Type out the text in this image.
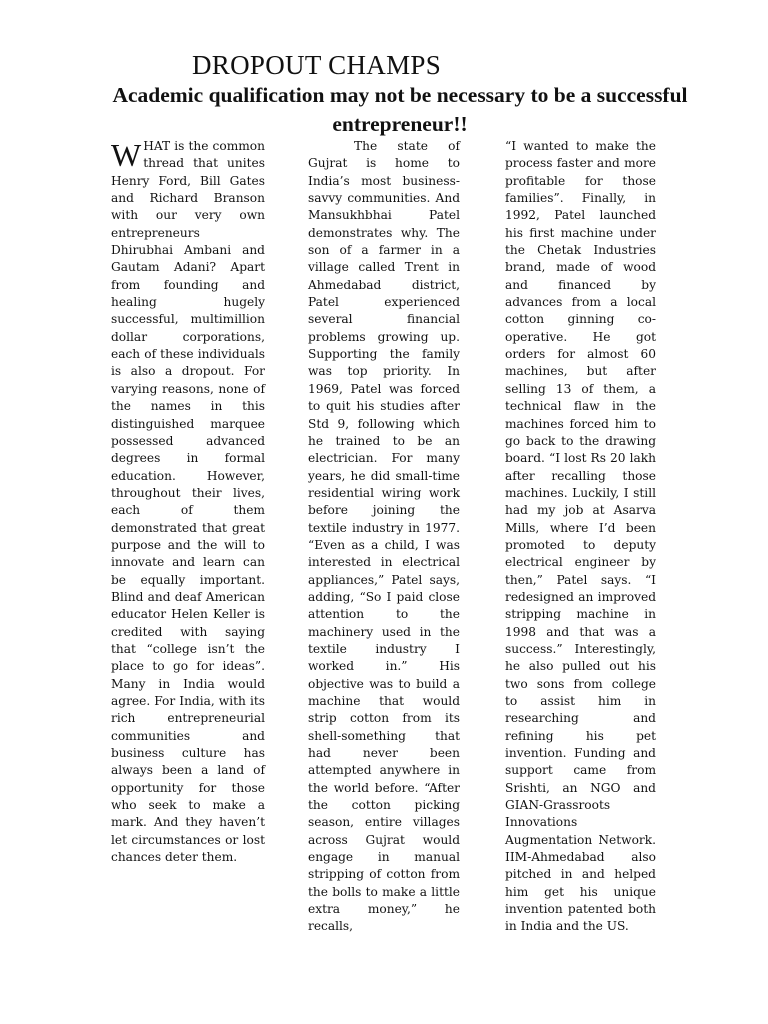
DROPOUT CHAMPS
Academic qualification may not be necessary to be a successful entrepreneur!!
W HAT is the common thread that unites Henry Ford, Bill Gates and Richard Branson with our very own entrepreneurs Dhirubhai Ambani and Gautam Adani? Apart from founding and healing hugely successful, multimillion dollar corporations, each of these individuals is also a dropout. For varying reasons, none of the names in this distinguished marquee possessed advanced degrees in formal education. However, throughout their lives, each of them demonstrated that great purpose and the will to innovate and learn can be equally important. Blind and deaf American educator Helen Keller is credited with saying that “college isn’t the place to go for ideas”. Many in India would agree. For India, with its rich entrepreneurial communities and business culture has always been a land of opportunity for those who seek to make a mark. And they haven’t let circumstances or lost chances deter them.

The state of Gujrat is home to India’s most business-savvy communities. And Mansukhbhai Patel demonstrates why. The son of a farmer in a village called Trent in Ahmedabad district, Patel experienced several financial problems growing up. Supporting the family was top priority. In 1969, Patel was forced to quit his studies after Std 9, following which he trained to be an electrician. For many years, he did small-time residential wiring work before joining the textile industry in 1977. “Even as a child, I was interested in electrical appliances,” Patel says, adding, “So I paid close attention to the machinery used in the textile industry I worked in.” His objective was to build a machine that would strip cotton from its shell-something that had never been attempted anywhere in the world before. “After the cotton picking season, entire villages across Gujrat would engage in manual stripping of cotton from the bolls to make a little extra money,” he recalls,

“I wanted to make the process faster and more profitable for those families”. Finally, in 1992, Patel launched his first machine under the Chetak Industries brand, made of wood and financed by advances from a local cotton ginning co-operative. He got orders for almost 60 machines, but after selling 13 of them, a technical flaw in the machines forced him to go back to the drawing board. “I lost Rs 20 lakh after recalling those machines. Luckily, I still had my job at Asarva Mills, where I’d been promoted to deputy electrical engineer by then,” Patel says. “I redesigned an improved stripping machine in 1998 and that was a success.” Interestingly, he also pulled out his two sons from college to assist him in researching and refining his pet invention. Funding and support came from Srishti, an NGO and GIAN-Grassroots Innovations Augmentation Network. IIM-Ahmedabad also pitched in and helped him get his unique invention patented both in India and the US.
